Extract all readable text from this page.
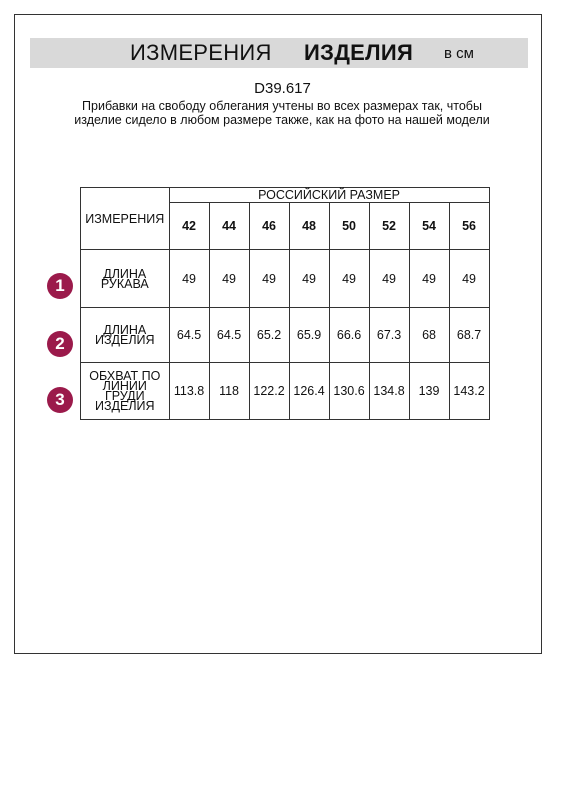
ИЗМЕРЕНИЯ ИЗДЕЛИЯ в см
D39.617
Прибавки на свободу облегания учтены во всех размерах так, чтобы изделие сидело в любом размере также, как на фото на нашей модели
1
2
3
ИЗМЕРЕНИЯ	РОССИЙСКИЙ РАЗМЕР							
	42	44	46	48	50	52	54	56
ДЛИНА РУКАВА	49	49	49	49	49	49	49	49
ДЛИНА ИЗДЕЛИЯ	64.5	64.5	65.2	65.9	66.6	67.3	68	68.7
ОБХВАТ ПО ЛИНИИ ГРУДИ ИЗДЕЛИЯ	113.8	118	122.2	126.4	130.6	134.8	139	143.2
